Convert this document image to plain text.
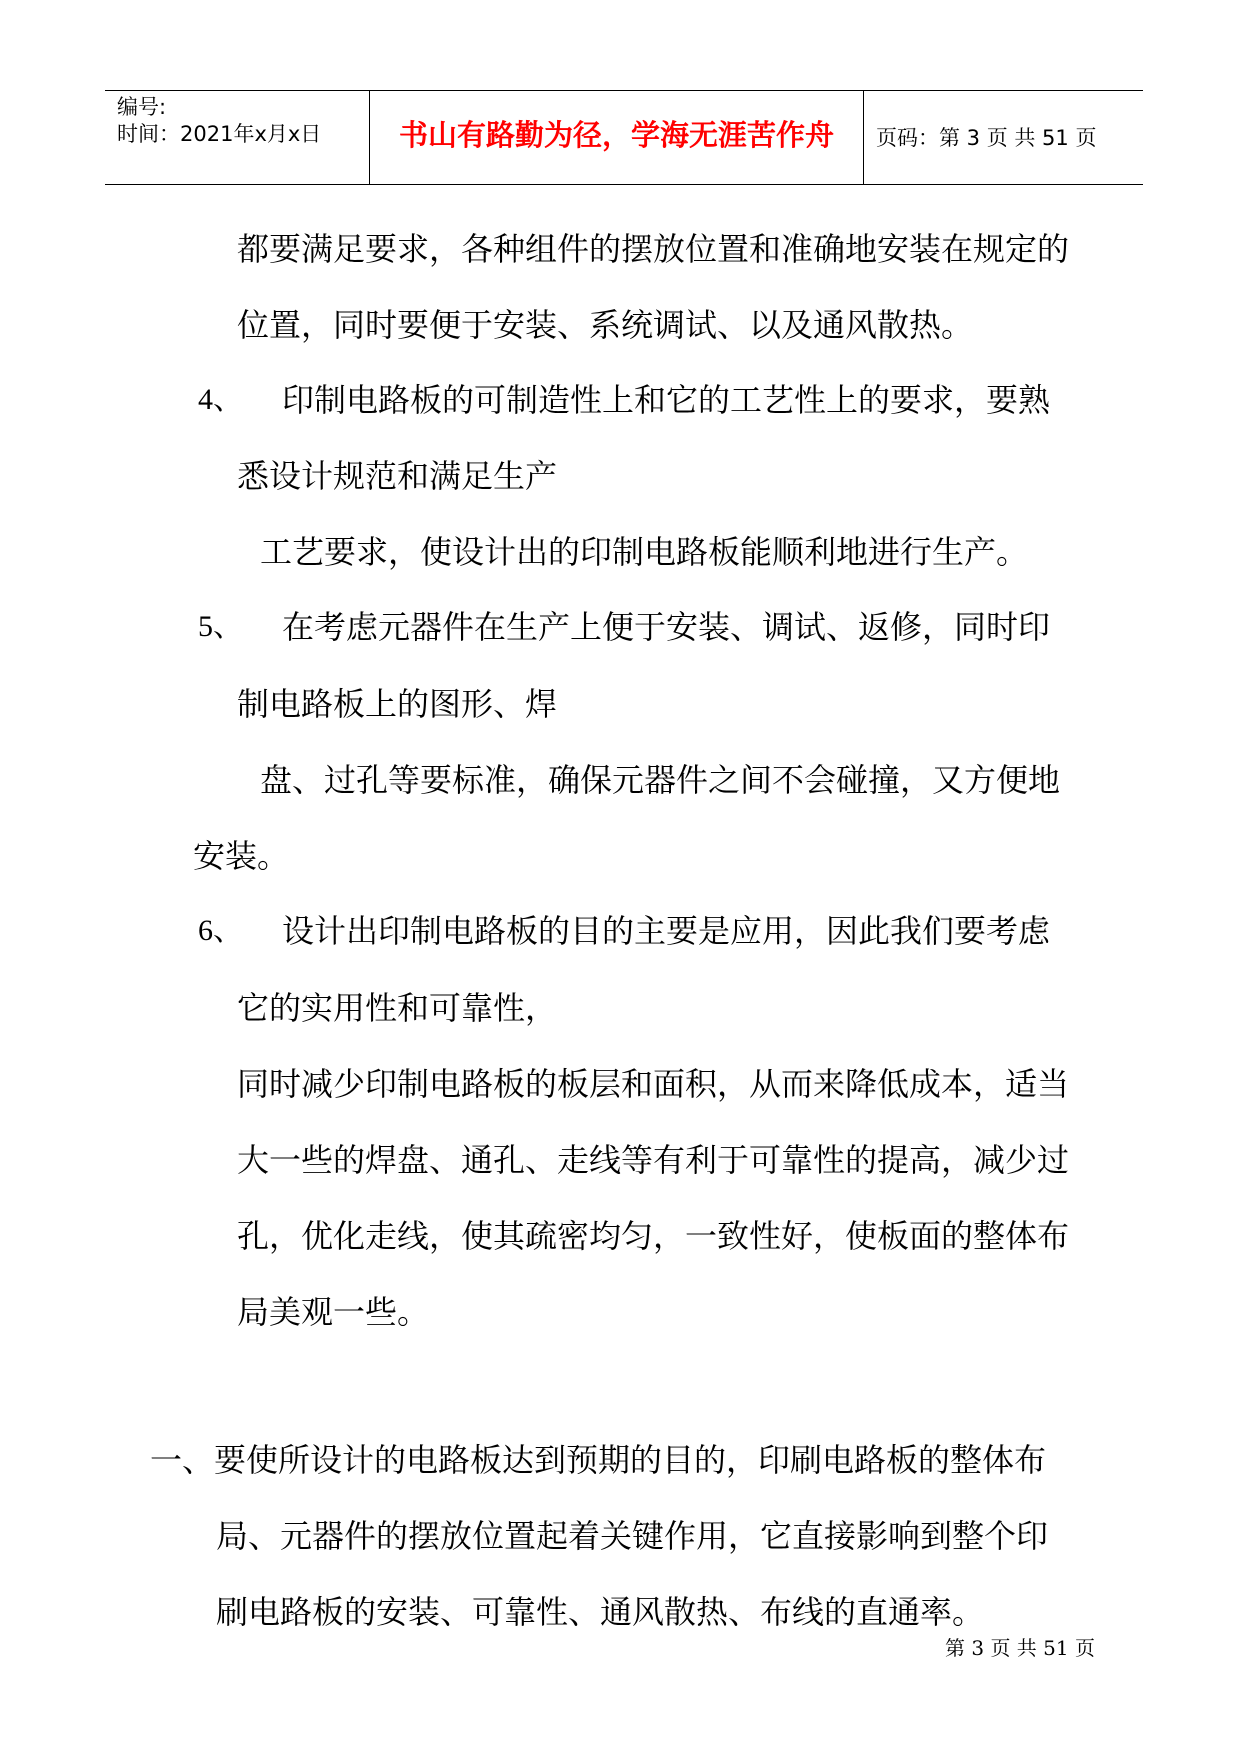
编号:
时间：2021年x月x日	书山有路勤为径，学海无涯苦作舟	页码：第 3 页 共 51 页
都要满足要求，各种组件的摆放位置和准确地安装在规定的
位置，同时要便于安装、系统调试、以及通风散热。
4、 印制电路板的可制造性上和它的工艺性上的要求，要熟
悉设计规范和满足生产
工艺要求，使设计出的印制电路板能顺利地进行生产。
5、 在考虑元器件在生产上便于安装、调试、返修，同时印
制电路板上的图形、焊
盘、过孔等要标准，确保元器件之间不会碰撞，又方便地
安装。
6、 设计出印制电路板的目的主要是应用，因此我们要考虑
它的实用性和可靠性，
同时减少印制电路板的板层和面积，从而来降低成本，适当
大一些的焊盘、通孔、走线等有利于可靠性的提高，减少过
孔，优化走线，使其疏密均匀，一致性好，使板面的整体布
局美观一些。
一、要使所设计的电路板达到预期的目的，印刷电路板的整体布
局、元器件的摆放位置起着关键作用，它直接影响到整个印
刷电路板的安装、可靠性、通风散热、布线的直通率。
第 3 页 共 51 页
